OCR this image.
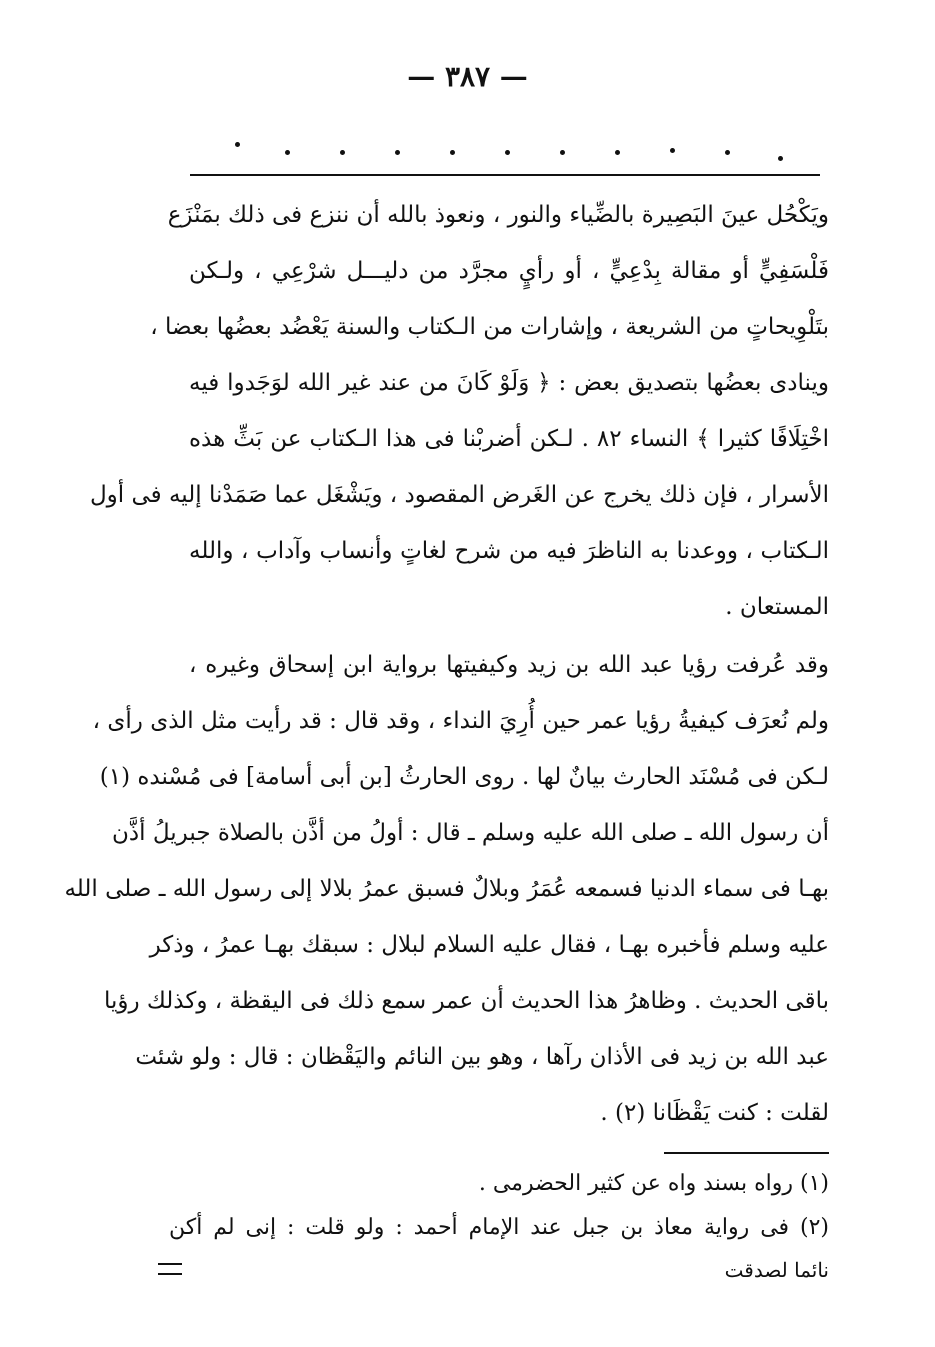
— ٣٨٧ —
ويَكْحُل عينَ البَصِيرة بالضِّياء والنور ، ونعوذ بالله أن ننزع فى ذلك بمَنْزَع
فَلْسَفِيٍّ أو مقالة بِدْعِيٍّ ، أو رأيٍ مجرَّد من دليـــل شرْعِي ، ولـكن
بتَلْوِيحاتٍ من الشريعة ، وإشارات من الـكتاب والسنة يَعْضُد بعضُها بعضا ،
وينادى بعضُها بتصديق بعض : ﴿ وَلَوْ كَانَ من عند غير الله لوَجَدوا فيه
اخْتِلَافًا كثيرا ﴾ النساء ٨٢ . لـكن أضربْنا فى هذا الـكتاب عن بَثِّ هذه
الأسرار ، فإن ذلك يخرج عن الغَرض المقصود ، ويَشْغَل عما صَمَدْنا إليه فى أول
الـكتاب ، ووعدنا به الناظرَ فيه من شرح لغاتٍ وأنساب وآداب ، والله
المستعان .
وقد عُرفت رؤيا عبد الله بن زيد وكيفيتها برواية ابن إسحاق وغيره ،
ولم نُعرَف كيفيةُ رؤيا عمر حين أُرِيَ النداء ، وقد قال : قد رأيت مثل الذى رأى ،
لـكن فى مُسْنَد الحارث بيانٌ لها . روى الحارثُ [بن أبى أسامة] فى مُسْنده (١)
أن رسول الله ـ صلى الله عليه وسلم ـ قال : أولُ من أذَّن بالصلاة جبريلُ أذَّن
بهـا فى سماء الدنيا فسمعه عُمَرُ وبلالٌ فسبق عمرُ بلالا إلى رسول الله ـ صلى الله
عليه وسلم فأخبره بهـا ، فقال عليه السلام لبلال : سبقك بهـا عمرُ ، وذكر
باقى الحديث . وظاهرُ هذا الحديث أن عمر سمع ذلك فى اليقظة ، وكذلك رؤيا
عبد الله بن زيد فى الأذان رآها ، وهو بين النائم واليَقْظان : قال : ولو شئت
لقلت : كنت يَقْظَانا (٢) .
(١) رواه بسند واه عن كثير الحضرمى .
(٢) فى رواية معاذ بن جبل عند الإمام أحمد : ولو قلت : إنى لم أكن
نائما لصدقت
